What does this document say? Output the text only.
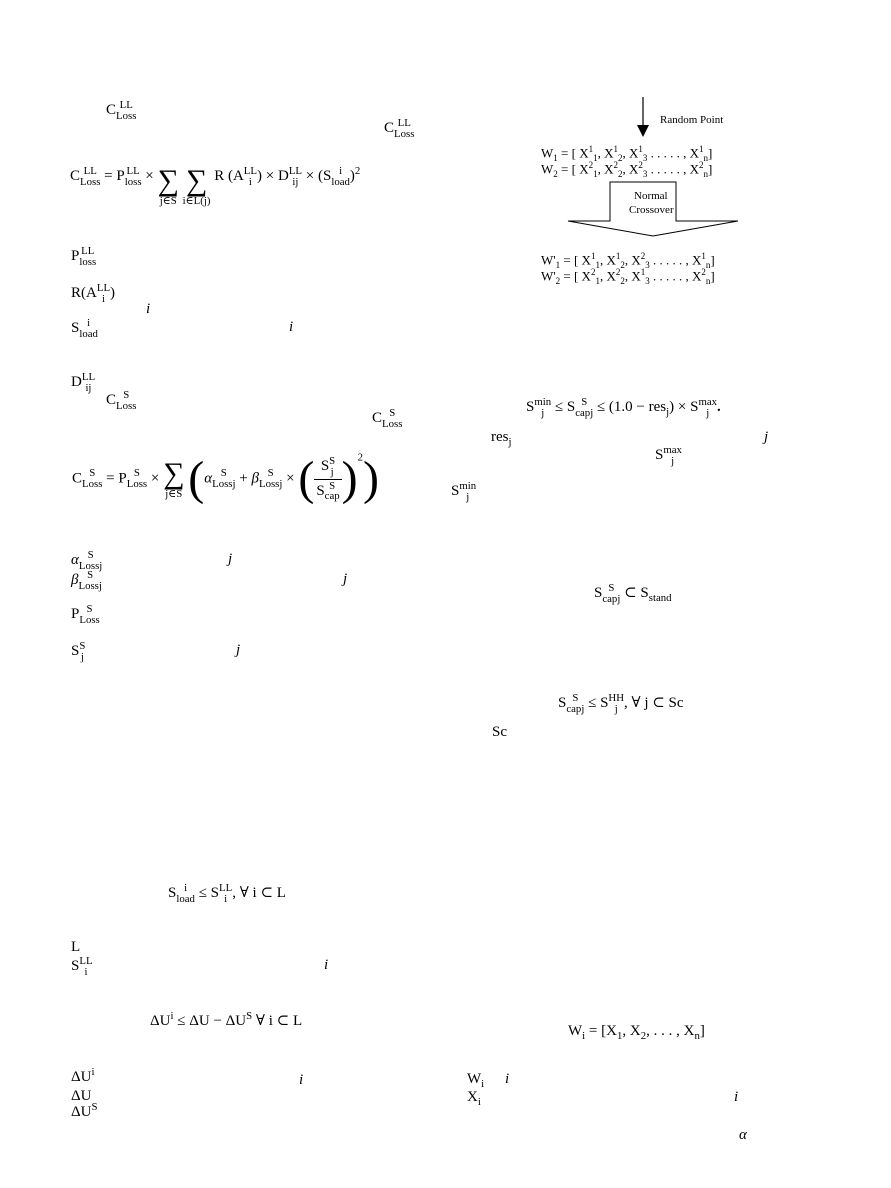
C LL
Loss
C LL
Loss
C LL
Loss = P LL
loss × ∑
j∈S
∑
i∈L(j)
R (A LL
i ) × D LL
ij × (S i
load )$^2$
P LL
loss
R(A LL
i )
i
S i
load	i
D LL
ij
C S
Loss
C S
Loss
C S
Loss = P S
Loss × ∑
j∈S (α S
Lossj + β S
Lossj × ( S S
j
S S
cap )$^2$)
α S
Lossj	j
β S
Lossj	j
P S
Loss
S S
j	j
S i
load ≤ S LL
i , ∀ i ⊂ L
L
S LL
i	i
$\Delta U^i \le \Delta U - \Delta U^S$ ∀ i ⊂ L
$\Delta U^i$	i
ΔU
$\Delta U^S$
Random Point
$W_1$ = [ $X^1_1$, $X^1_2$, $X^1_3$ . . . . . , $X^1_n$]
$W_2$ = [ $X^2_1$, $X^2_2$, $X^2_3$ . . . . . , $X^2_n$]
Normal
Crossover
$W'_1$ = [ $X^1_1$, $X^1_2$, $X^2_3$ . . . . . , $X^1_n$]
$W'_2$ = [ $X^2_1$, $X^2_2$, $X^1_3$ . . . . . , $X^2_n$]
S min
j ≤ S S
capj ≤ (1.0 − res$_j$) × S max
j .
res$_j$	j
S max
j
S min
j
S S
capj ⊂ $S_{stand}$
S S
capj ≤ S HH
j , ∀ j ⊂ Sc
Sc
$W_i = [X_1$, $X_2$, . . . , $X_n$]
$W_i$ i
$X_i$	i
α
